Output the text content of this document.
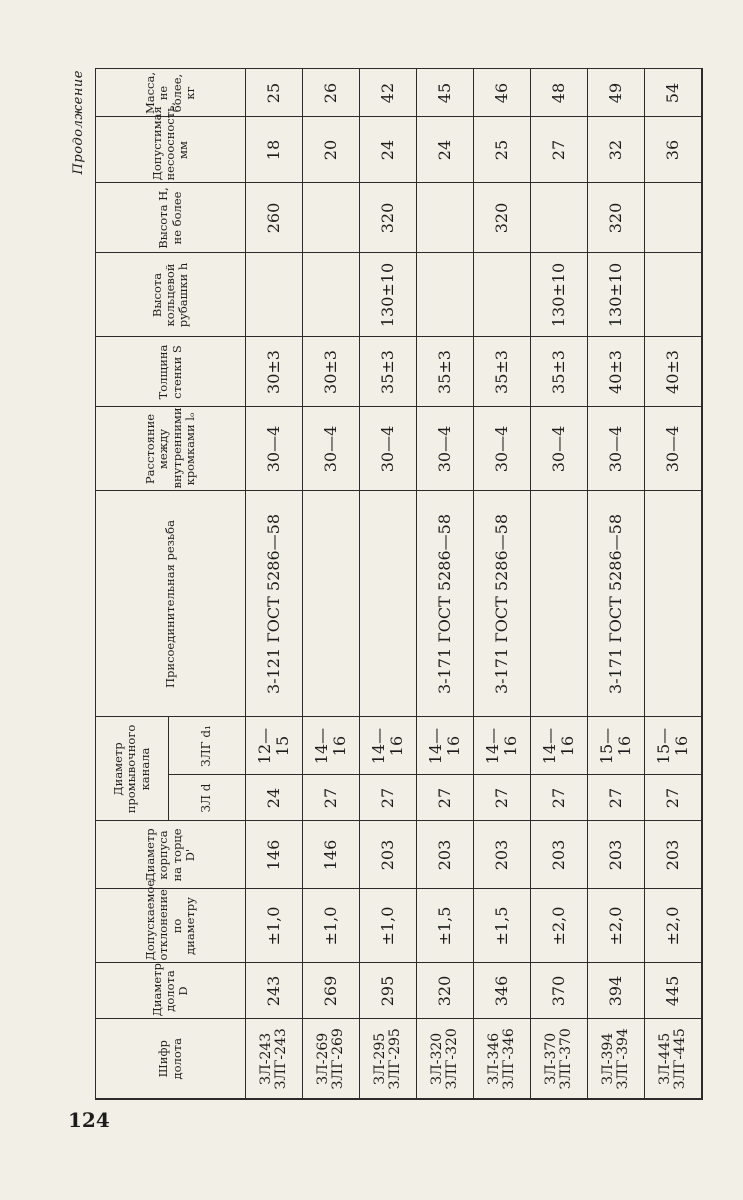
124
Продолжение
Шифр долота	Диаметр долота D	Допускаемое отклонение по диаметру	Диаметр корпуса на торце D'	Диаметр промывочного канала		Присоединительная резьба	Расстояние между внутренними кромками lₒ	Толщина стенки S	Высота кольцевой рубашки h	Высота H, не более	Допустимая несоосность, мм	Масса, не более, кг
				ЗЛ d	ЗЛГ d₁							
ЗЛ-243
ЗЛГ-243	243	±1,0	146	24	12—15	3-121 ГОСТ 5286—58	30—4	30±3		260	18	25
ЗЛ-269
ЗЛГ-269	269	±1,0	146	27	14—16		30—4	30±3			20	26
ЗЛ-295
ЗЛГ-295	295	±1,0	203	27	14—16		30—4	35±3	130±10	320	24	42
ЗЛ-320
ЗЛГ-320	320	±1,5	203	27	14—16	3-171 ГОСТ 5286—58	30—4	35±3			24	45
ЗЛ-346
ЗЛГ-346	346	±1,5	203	27	14—16	3-171 ГОСТ 5286—58	30—4	35±3		320	25	46
ЗЛ-370
ЗЛГ-370	370	±2,0	203	27	14—16		30—4	35±3	130±10		27	48
ЗЛ-394
ЗЛГ-394	394	±2,0	203	27	15—16	3-171 ГОСТ 5286—58	30—4	40±3	130±10	320	32	49
ЗЛ-445
ЗЛГ-445	445	±2,0	203	27	15—16		30—4	40±3			36	54
